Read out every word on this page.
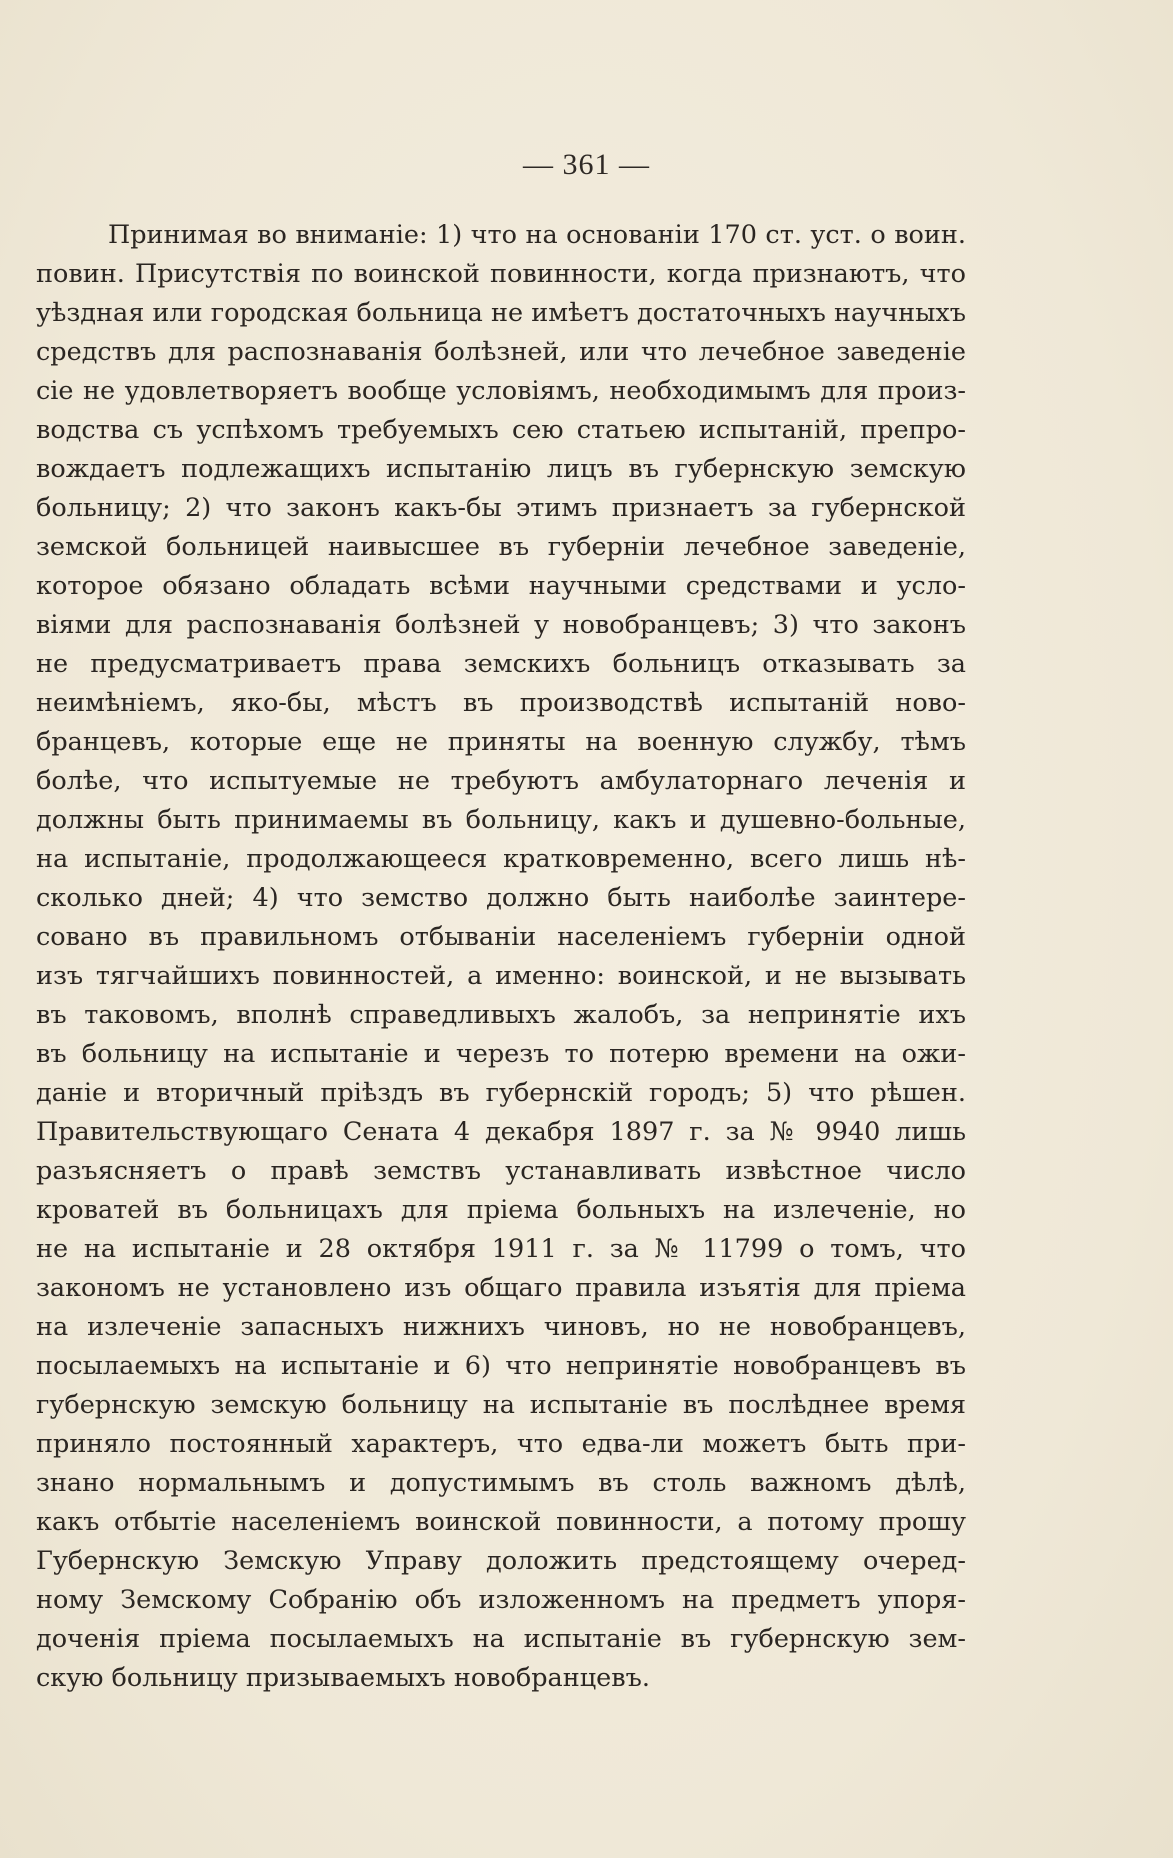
— 361 —
Принимая во вниманіе: 1) что на основаніи 170 ст. уст. о воин.
повин. Присутствія по воинской повинности, когда признаютъ, что
уѣздная или городская больница не имѣетъ достаточныхъ научныхъ
средствъ для распознаванія болѣзней, или что лечебное заведеніе
сіе не удовлетворяетъ вообще условіямъ, необходимымъ для произ-
водства съ успѣхомъ требуемыхъ сею статьею испытаній, препро-
вождаетъ подлежащихъ испытанію лицъ въ губернскую земскую
больницу; 2) что законъ какъ-бы этимъ признаетъ за губернской
земской больницей наивысшее въ губерніи лечебное заведеніе,
которое обязано обладать всѣми научными средствами и усло-
віями для распознаванія болѣзней у новобранцевъ; 3) что законъ
не предусматриваетъ права земскихъ больницъ отказывать за
неимѣніемъ, яко-бы, мѣстъ въ производствѣ испытаній ново-
бранцевъ, которые еще не приняты на военную службу, тѣмъ
болѣе, что испытуемые не требуютъ амбулаторнаго леченія и
должны быть принимаемы въ больницу, какъ и душевно-больные,
на испытаніе, продолжающееся кратковременно, всего лишь нѣ-
сколько дней; 4) что земство должно быть наиболѣе заинтере-
совано въ правильномъ отбываніи населеніемъ губерніи одной
изъ тягчайшихъ повинностей, а именно: воинской, и не вызывать
въ таковомъ, вполнѣ справедливыхъ жалобъ, за непринятіе ихъ
въ больницу на испытаніе и черезъ то потерю времени на ожи-
даніе и вторичный пріѣздъ въ губернскій городъ; 5) что рѣшен.
Правительствующаго Сената 4 декабря 1897 г. за № 9940 лишь
разъясняетъ о правѣ земствъ устанавливать извѣстное число
кроватей въ больницахъ для пріема больныхъ на излеченіе, но
не на испытаніе и 28 октября 1911 г. за № 11799 о томъ, что
закономъ не установлено изъ общаго правила изъятія для пріема
на излеченіе запасныхъ нижнихъ чиновъ, но не новобранцевъ,
посылаемыхъ на испытаніе и 6) что непринятіе новобранцевъ въ
губернскую земскую больницу на испытаніе въ послѣднее время
приняло постоянный характеръ, что едва-ли можетъ быть при-
знано нормальнымъ и допустимымъ въ столь важномъ дѣлѣ,
какъ отбытіе населеніемъ воинской повинности, а потому прошу
Губернскую Земскую Управу доложить предстоящему очеред-
ному Земскому Собранію объ изложенномъ на предметъ упоря-
доченія пріема посылаемыхъ на испытаніе въ губернскую зем-
скую больницу призываемыхъ новобранцевъ.
